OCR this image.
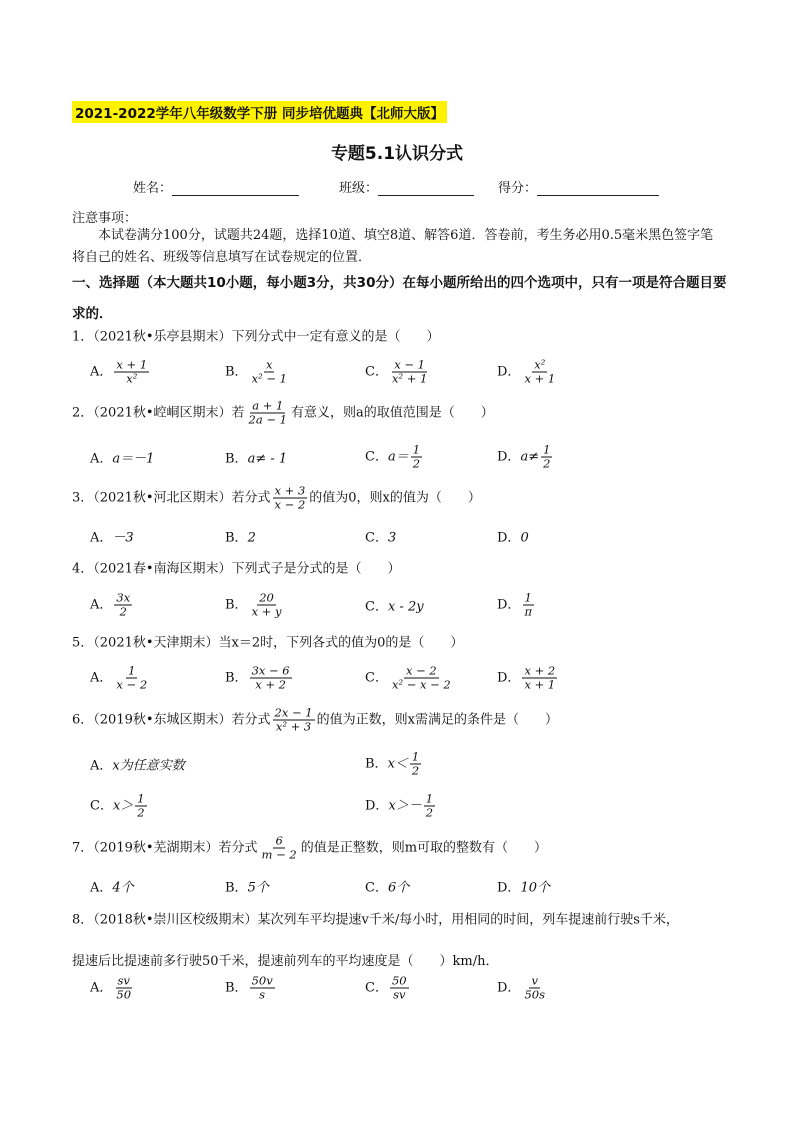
2021-2022学年八年级数学下册 同步培优题典【北师大版】
专题5.1认识分式
姓名：	班级：	得分：
注意事项：
本试卷满分100分，试题共24题，选择10道、填空8道、解答6道．答卷前，考生务必用0.5毫米黑色签字笔将自己的姓名、班级等信息填写在试卷规定的位置．
一、选择题（本大题共10小题，每小题3分，共30分）在每小题所给出的四个选项中，只有一项是符合题目要求的．
1．（2021秋•乐亭县期末）下列分式中一定有意义的是（ ）
A． $\frac{x + 1}{\text{x²}}$	B． $\frac{x}{\text{x² − 1}}$	C． $\frac{x - 1}{\text{x² + 1}}$	D． $\frac{\text{x²}}{x + 1}$
2．（2021秋•崆峒区期末）若 $\frac{a + 1}{2a - 1}$ 有意义，则a的取值范围是（　　）
A．a＝－1	B．a≠ - 1	C．$a= \frac{1}{2}$	D．$a\ne \frac{1}{2}$
3．（2021秋•河北区期末）若分式 $\frac{x + 3}{x - 2}$ 的值为0，则x的值为（　　）
A．－3	B．2	C．3	D．0
4．（2021春•南海区期末）下列式子是分式的是（　　）
A． $\frac{3x}{2}$	B． $\frac{20}{x + y}$	C．x - 2y	D． $\frac{1}{\pi}$
5．（2021秋•天津期末）当x＝2时，下列各式的值为0的是（　　）
A． $\frac{1}{x - 2}$	B． $\frac{3x - 6}{x + 2}$	C． $\frac{x - 2}{\text{x² − x − 2}}$	D． $\frac{x + 2}{x + 1}$
6．（2019秋•东城区期末）若分式 $\frac{2x - 1}{\text{x² + 3}}$ 的值为正数，则x需满足的条件是（　　）
A．x为任意实数	B．$x< \frac{1}{2}$
C．$x> \frac{1}{2}$	D．$x>- \frac{1}{2}$
7．（2019秋•芜湖期末）若分式 $\frac{6}{m - 2}$ 的值是正整数，则m可取的整数有（　　）
A．4个	B．5个	C．6个	D．10个
8．（2018秋•崇川区校级期末）某次列车平均提速v千米/每小时，用相同的时间，列车提速前行驶s千米，
提速后比提速前多行驶50千米，提速前列车的平均速度是（　　）km/h．
A． $\frac{sv}{50}$	B． $\frac{50v}{s}$	C． $\frac{50}{sv}$	D． $\frac{v}{50s}$
